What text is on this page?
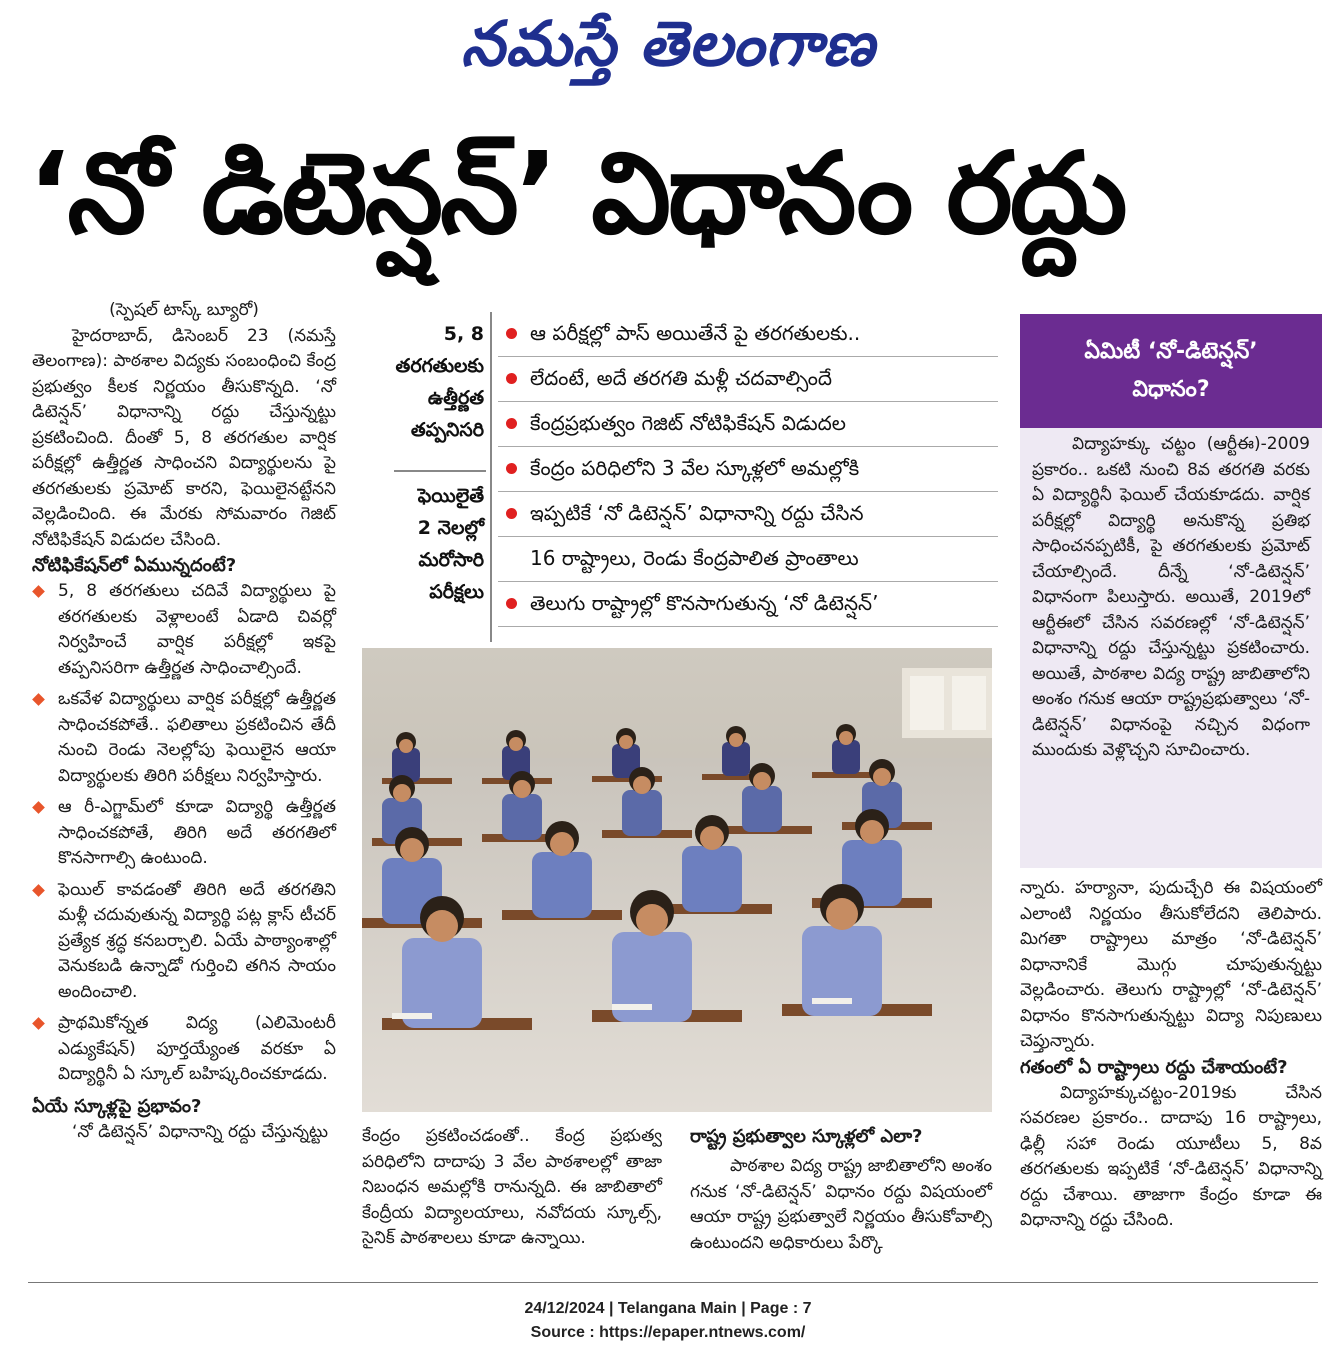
నమస్తే తెలంగాణ
‘నో డిటెన్షన్’ విధానం రద్దు

(స్పెషల్ టాస్క్ బ్యూరో)

హైదరాబాద్, డిసెంబర్ 23 (నమస్తే తెలంగాణ): పాఠశాల విద్యకు సంబంధించి కేంద్ర ప్రభుత్వం కీలక నిర్ణయం తీసుకొన్నది. ‘నో డిటెన్షన్’ విధానాన్ని రద్దు చేస్తున్నట్టు ప్రకటించింది. దీంతో 5, 8 తరగతుల వార్షిక పరీక్షల్లో ఉత్తీర్ణత సాధించని విద్యార్థులను పై తరగతులకు ప్రమోట్ కారని, ఫెయిలైనట్టేనని వెల్లడించింది. ఈ మేరకు సోమవారం గెజిట్ నోటిఫికేషన్ విడుదల చేసింది.

నోటిఫికేషన్‌లో ఏమున్నదంటే?

5, 8 తరగతులు చదివే విద్యార్థులు పై తరగతులకు వెళ్లాలంటే ఏడాది చివర్లో నిర్వహించే వార్షిక పరీక్షల్లో ఇకపై తప్పనిసరిగా ఉత్తీర్ణత సాధించాల్సిందే.
ఒకవేళ విద్యార్థులు వార్షిక పరీక్షల్లో ఉత్తీర్ణత సాధించకపోతే.. ఫలితాలు ప్రకటించిన తేదీ నుంచి రెండు నెలల్లోపు ఫెయిలైన ఆయా విద్యార్థులకు తిరిగి పరీక్షలు నిర్వహిస్తారు.
ఆ రీ-ఎగ్జామ్‌లో కూడా విద్యార్థి ఉత్తీర్ణత సాధించకపోతే, తిరిగి అదే తరగతిలో కొనసాగాల్సి ఉంటుంది.
ఫెయిల్ కావడంతో తిరిగి అదే తరగతిని మళ్లీ చదువుతున్న విద్యార్థి పట్ల క్లాస్ టీచర్ ప్రత్యేక శ్రద్ధ కనబర్చాలి. ఏయే పాఠ్యాంశాల్లో వెనుకబడి ఉన్నాడో గుర్తించి తగిన సాయం అందించాలి.
ప్రాథమికోన్నత విద్య (ఎలిమెంటరీ ఎడ్యుకేషన్) పూర్తయ్యేంత వరకూ ఏ విద్యార్థినీ ఏ స్కూల్ బహిష్కరించకూడదు.

ఏయే స్కూళ్లపై ప్రభావం?

‘నో డిటెన్షన్’ విధానాన్ని రద్దు చేస్తున్నట్టు

5, 8
తరగతులకు
ఉత్తీర్ణత
తప్పనిసరి
ఫెయిలైతే
2 నెలల్లో
మరోసారి
పరీక్షలు
ఆ పరీక్షల్లో పాస్ అయితేనే పై తరగతులకు..
లేదంటే, అదే తరగతి మళ్లీ చదవాల్సిందే
కేంద్రప్రభుత్వం గెజిట్ నోటిఫికేషన్ విడుదల
కేంద్రం పరిధిలోని 3 వేల స్కూళ్లలో అమల్లోకి
ఇప్పటికే ‘నో డిటెన్షన్’ విధానాన్ని రద్దు చేసిన
16 రాష్ట్రాలు, రెండు కేంద్రపాలిత ప్రాంతాలు
తెలుగు రాష్ట్రాల్లో కొనసాగుతున్న ‘నో డిటెన్షన్’

కేంద్రం ప్రకటించడంతో.. కేంద్ర ప్రభుత్వ పరిధిలోని దాదాపు 3 వేల పాఠశాలల్లో తాజా నిబంధన అమల్లోకి రానున్నది. ఈ జాబితాలో కేంద్రీయ విద్యాలయాలు, నవోదయ స్కూల్స్, సైనిక్ పాఠశాలలు కూడా ఉన్నాయి.

రాష్ట్ర ప్రభుత్వాల స్కూళ్లలో ఎలా?

పాఠశాల విద్య రాష్ట్ర జాబితాలోని అంశం గనుక ‘నో-డిటెన్షన్’ విధానం రద్దు విషయంలో ఆయా రాష్ట్ర ప్రభుత్వాలే నిర్ణయం తీసుకోవాల్సి ఉంటుందని అధికారులు పేర్కొ

ఏమిటీ ‘నో-డిటెన్షన్’
విధానం?

విద్యాహక్కు చట్టం (ఆర్టీఈ)-2009 ప్రకారం.. ఒకటి నుంచి 8వ తరగతి వరకు ఏ విద్యార్థినీ ఫెయిల్ చేయకూడదు. వార్షిక పరీక్షల్లో విద్యార్థి అనుకొన్న ప్రతిభ సాధించనప్పటికీ, పై తరగతులకు ప్రమోట్ చేయాల్సిందే. దీన్నే ‘నో-డిటెన్షన్’ విధానంగా పిలుస్తారు. అయితే, 2019లో ఆర్టీఈలో చేసిన సవరణల్లో ‘నో-డిటెన్షన్’ విధానాన్ని రద్దు చేస్తున్నట్టు ప్రకటించారు. అయితే, పాఠశాల విద్య రాష్ట్ర జాబితాలోని అంశం గనుక ఆయా రాష్ట్రప్రభుత్వాలు ‘నో-డిటెన్షన్’ విధానంపై నచ్చిన విధంగా ముందుకు వెళ్లొచ్చని సూచించారు.

న్నారు. హర్యానా, పుదుచ్చేరి ఈ విషయంలో ఎలాంటి నిర్ణయం తీసుకోలేదని తెలిపారు. మిగతా రాష్ట్రాలు మాత్రం ‘నో-డిటెన్షన్’ విధానానికే మొగ్గు చూపుతున్నట్టు వెల్లడించారు. తెలుగు రాష్ట్రాల్లో ‘నో-డిటెన్షన్’ విధానం కొనసాగుతున్నట్టు విద్యా నిపుణులు చెప్తున్నారు.

గతంలో ఏ రాష్ట్రాలు రద్దు చేశాయంటే?

విద్యాహక్కుచట్టం-2019కు చేసిన సవరణల ప్రకారం.. దాదాపు 16 రాష్ట్రాలు, ఢిల్లీ సహా రెండు యూటీలు 5, 8వ తరగతులకు ఇప్పటికే ‘నో-డిటెన్షన్’ విధానాన్ని రద్దు చేశాయి. తాజాగా కేంద్రం కూడా ఈ విధానాన్ని రద్దు చేసింది.

24/12/2024 | Telangana Main | Page : 7
Source : https://epaper.ntnews.com/
